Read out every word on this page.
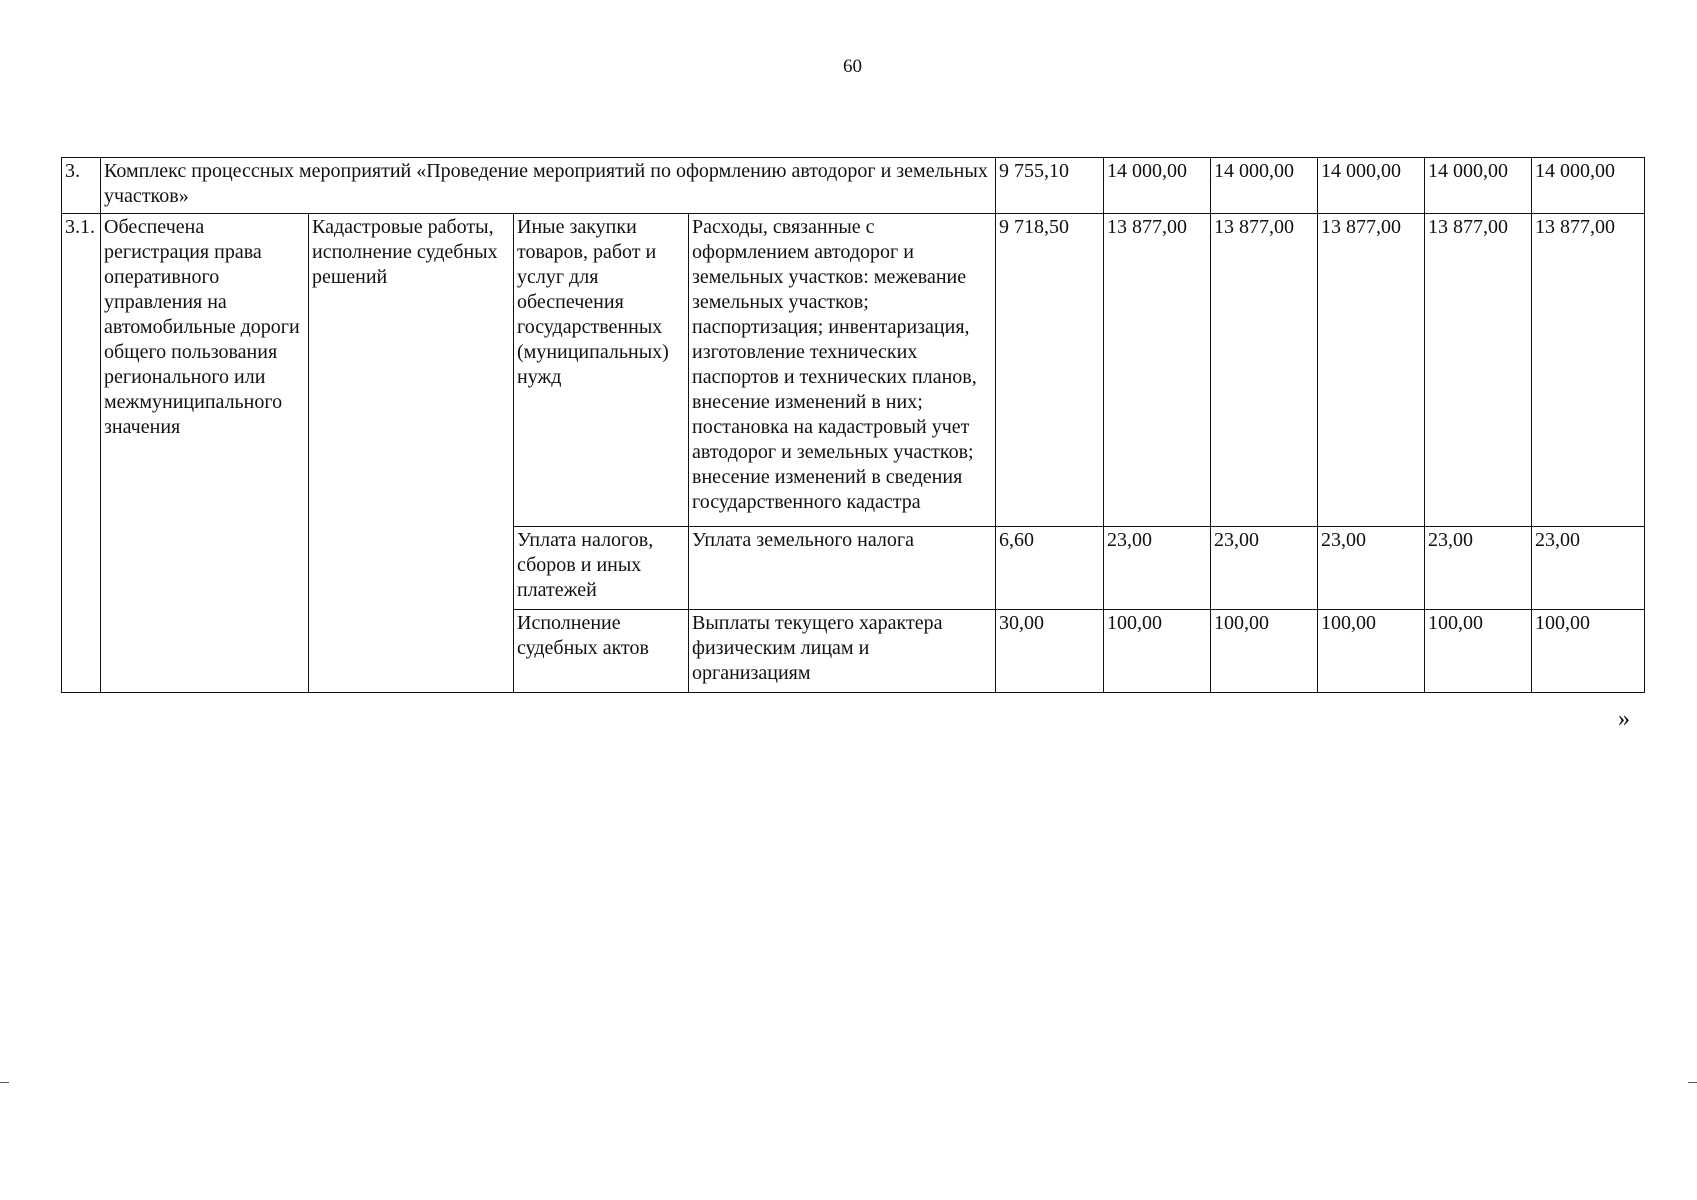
60
3.	Комплекс процессных мероприятий «Проведение мероприятий по оформлению автодорог и земельных участков»				9 755,10	14 000,00	14 000,00	14 000,00	14 000,00	14 000,00
3.1.	Обеспечена регистрация права оперативного управления на автомобильные дороги общего пользования регионального или межмуниципального значения	Кадастровые работы, исполнение судебных решений	Иные закупки товаров, работ и услуг для обеспечения государственных (муниципальных) нужд	Расходы, связанные с оформлением автодорог и земельных участков: межевание земельных участков; паспортизация; инвентаризация, изготовление технических паспортов и технических планов, внесение изменений в них; постановка на кадастровый учет автодорог и земельных участков; внесение изменений в сведения государственного кадастра	9 718,50	13 877,00	13 877,00	13 877,00	13 877,00	13 877,00
			Уплата налогов, сборов и иных платежей	Уплата земельного налога	6,60	23,00	23,00	23,00	23,00	23,00
			Исполнение судебных актов	Выплаты текущего характера физическим лицам и организациям	30,00	100,00	100,00	100,00	100,00	100,00
»
